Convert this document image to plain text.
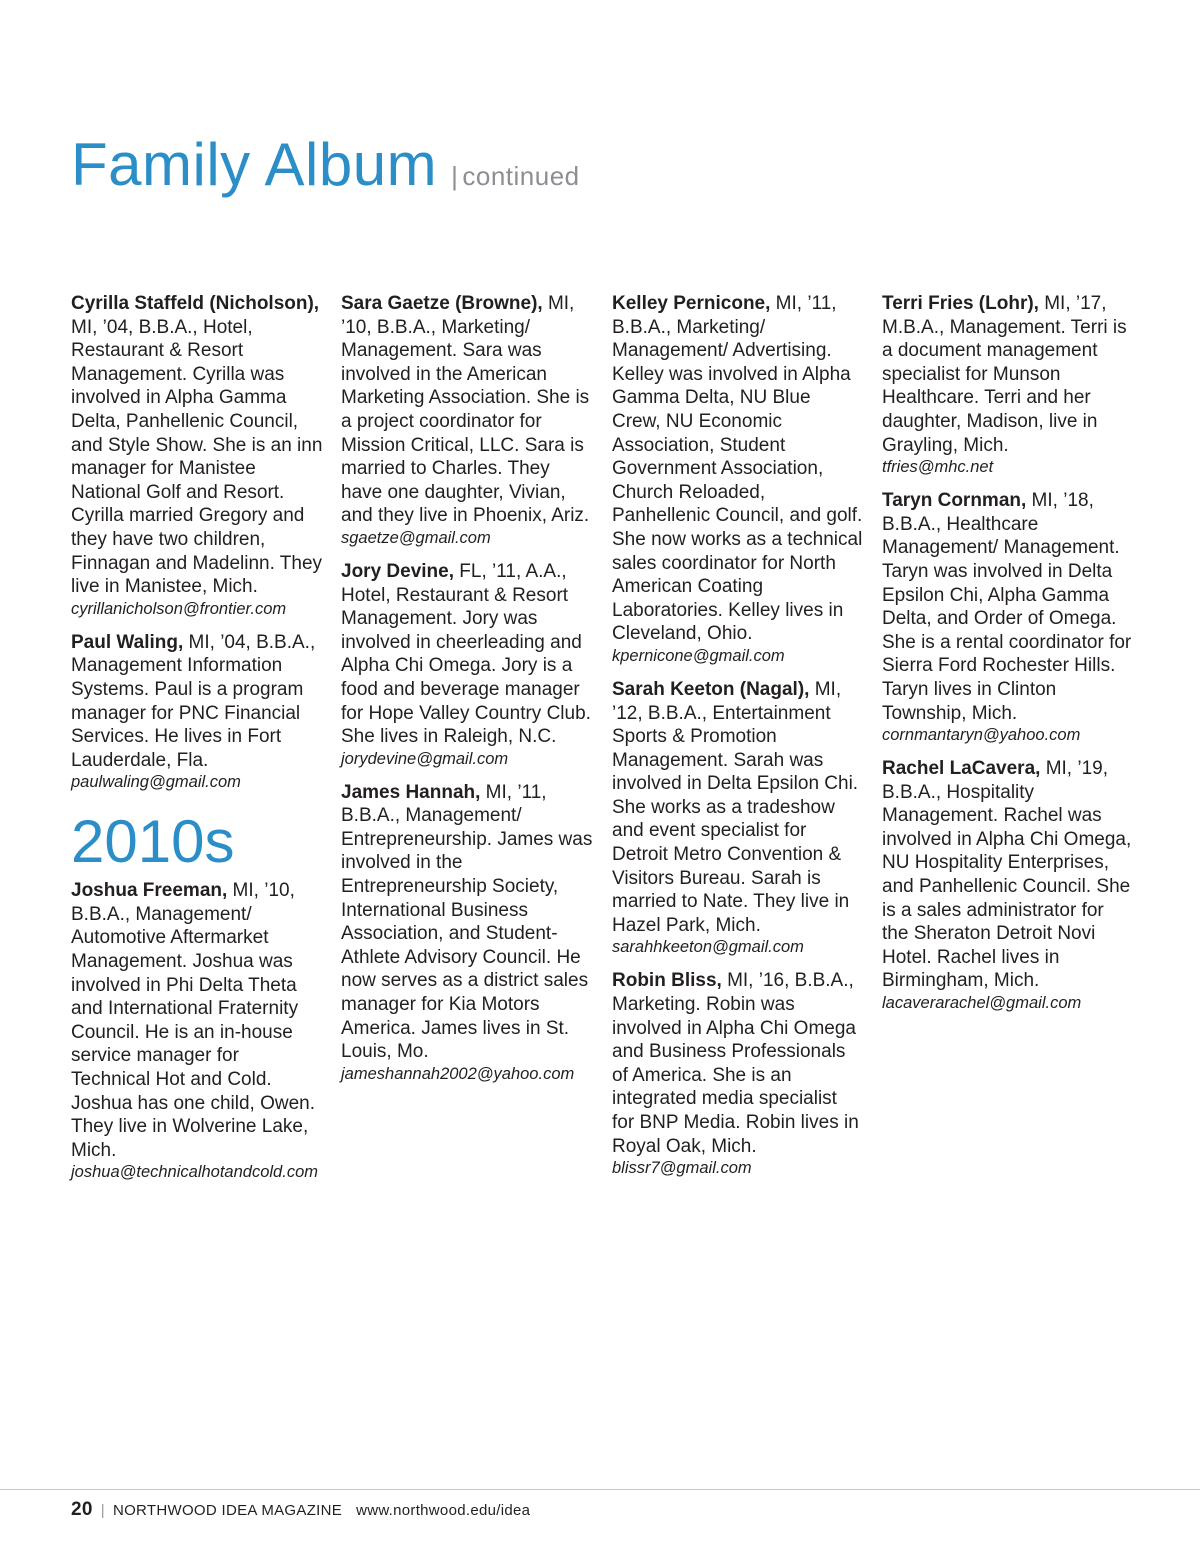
Family Album | continued

Cyrilla Staffeld (Nicholson), MI, ’04, B.B.A., Hotel, Restaurant & Resort Management. Cyrilla was involved in Alpha Gamma Delta, Panhellenic Council, and Style Show. She is an inn manager for Manistee National Golf and Resort. Cyrilla married Gregory and they have two children, Finnagan and Madelinn. They live in Manistee, Mich.

cyrillanicholson@frontier.com

Paul Waling, MI, ’04, B.B.A., Management Information Systems. Paul is a program manager for PNC Financial Services. He lives in Fort Lauderdale, Fla.

paulwaling@gmail.com
2010s

Joshua Freeman, MI, ’10, B.B.A., Management/ Automotive Aftermarket Management. Joshua was involved in Phi Delta Theta and International Fraternity Council. He is an in-house service manager for Technical Hot and Cold. Joshua has one child, Owen. They live in Wolverine Lake, Mich.

joshua@technicalhotandcold.com

Sara Gaetze (Browne), MI, ’10, B.B.A., Marketing/ Management. Sara was involved in the American Marketing Association. She is a project coordinator for Mission Critical, LLC. Sara is married to Charles. They have one daughter, Vivian, and they live in Phoenix, Ariz.

sgaetze@gmail.com

Jory Devine, FL, ’11, A.A., Hotel, Restaurant & Resort Management. Jory was involved in cheerleading and Alpha Chi Omega. Jory is a food and beverage manager for Hope Valley Country Club. She lives in Raleigh, N.C.

jorydevine@gmail.com

James Hannah, MI, ’11, B.B.A., Management/ Entrepreneurship. James was involved in the Entrepreneurship Society, International Business Association, and Student-Athlete Advisory Council. He now serves as a district sales manager for Kia Motors America. James lives in St. Louis, Mo.

jameshannah2002@yahoo.com

Kelley Pernicone, MI, ’11, B.B.A., Marketing/ Management/ Advertising. Kelley was involved in Alpha Gamma Delta, NU Blue Crew, NU Economic Association, Student Government Association, Church Reloaded, Panhellenic Council, and golf. She now works as a technical sales coordinator for North American Coating Laboratories. Kelley lives in Cleveland, Ohio.

kpernicone@gmail.com

Sarah Keeton (Nagal), MI, ’12, B.B.A., Entertainment Sports & Promotion Management. Sarah was involved in Delta Epsilon Chi. She works as a tradeshow and event specialist for Detroit Metro Convention & Visitors Bureau. Sarah is married to Nate. They live in Hazel Park, Mich.

sarahhkeeton@gmail.com

Robin Bliss, MI, ’16, B.B.A., Marketing. Robin was involved in Alpha Chi Omega and Business Professionals of America. She is an integrated media specialist for BNP Media. Robin lives in Royal Oak, Mich.

blissr7@gmail.com

Terri Fries (Lohr), MI, ’17, M.B.A., Management. Terri is a document management specialist for Munson Healthcare. Terri and her daughter, Madison, live in Grayling, Mich.

tfries@mhc.net

Taryn Cornman, MI, ’18, B.B.A., Healthcare Management/ Management. Taryn was involved in Delta Epsilon Chi, Alpha Gamma Delta, and Order of Omega. She is a rental coordinator for Sierra Ford Rochester Hills. Taryn lives in Clinton Township, Mich.

cornmantaryn@yahoo.com

Rachel LaCavera, MI, ’19, B.B.A., Hospitality Management. Rachel was involved in Alpha Chi Omega, NU Hospitality Enterprises, and Panhellenic Council. She is a sales administrator for the Sheraton Detroit Novi Hotel. Rachel lives in Birmingham, Mich.

lacaverarachel@gmail.com
20 | NORTHWOOD IDEA MAGAZINE www.northwood.edu/idea
